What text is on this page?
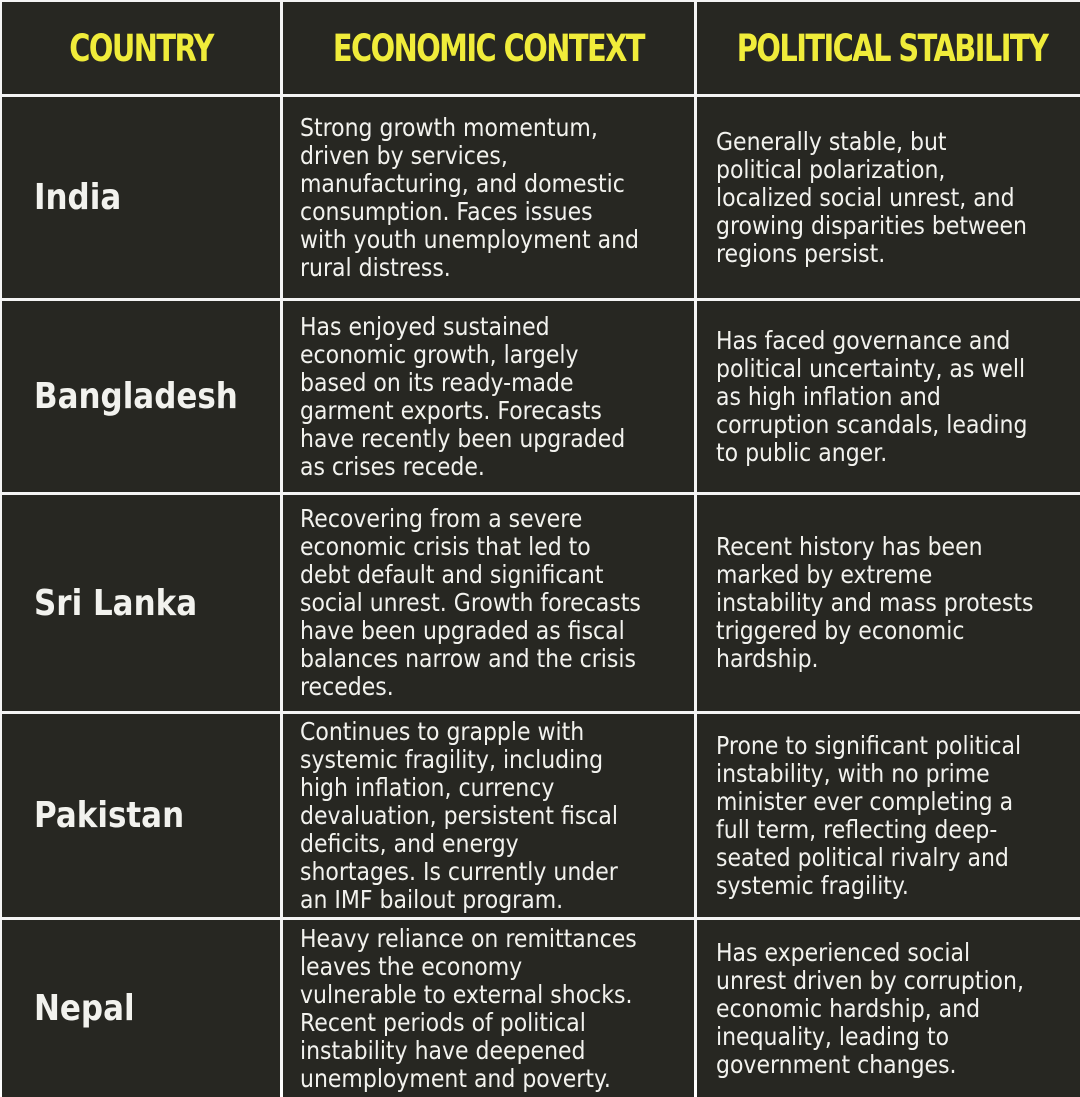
COUNTRY	ECONOMIC CONTEXT	POLITICAL STABILITY
India
Strong growth momentum, driven by services, manufacturing, and domestic consumption. Faces issues with youth unemployment and rural distress.
Generally stable, but political polarization, localized social unrest, and growing disparities between regions persist.
Bangladesh
Has enjoyed sustained economic growth, largely based on its ready-made garment exports. Forecasts have recently been upgraded as crises recede.
Has faced governance and political uncertainty, as well as high inflation and corruption scandals, leading to public anger.
Sri Lanka
Recovering from a severe economic crisis that led to debt default and significant social unrest. Growth forecasts have been upgraded as fiscal balances narrow and the crisis recedes.
Recent history has been marked by extreme instability and mass protests triggered by economic hardship.
Pakistan
Continues to grapple with systemic fragility, including high inflation, currency devaluation, persistent fiscal deficits, and energy shortages. Is currently under an IMF bailout program.
Prone to significant political instability, with no prime minister ever completing a full term, reflecting deep-seated political rivalry and systemic fragility.
Nepal
Heavy reliance on remittances leaves the economy vulnerable to external shocks. Recent periods of political instability have deepened unemployment and poverty.
Has experienced social unrest driven by corruption, economic hardship, and inequality, leading to government changes.
